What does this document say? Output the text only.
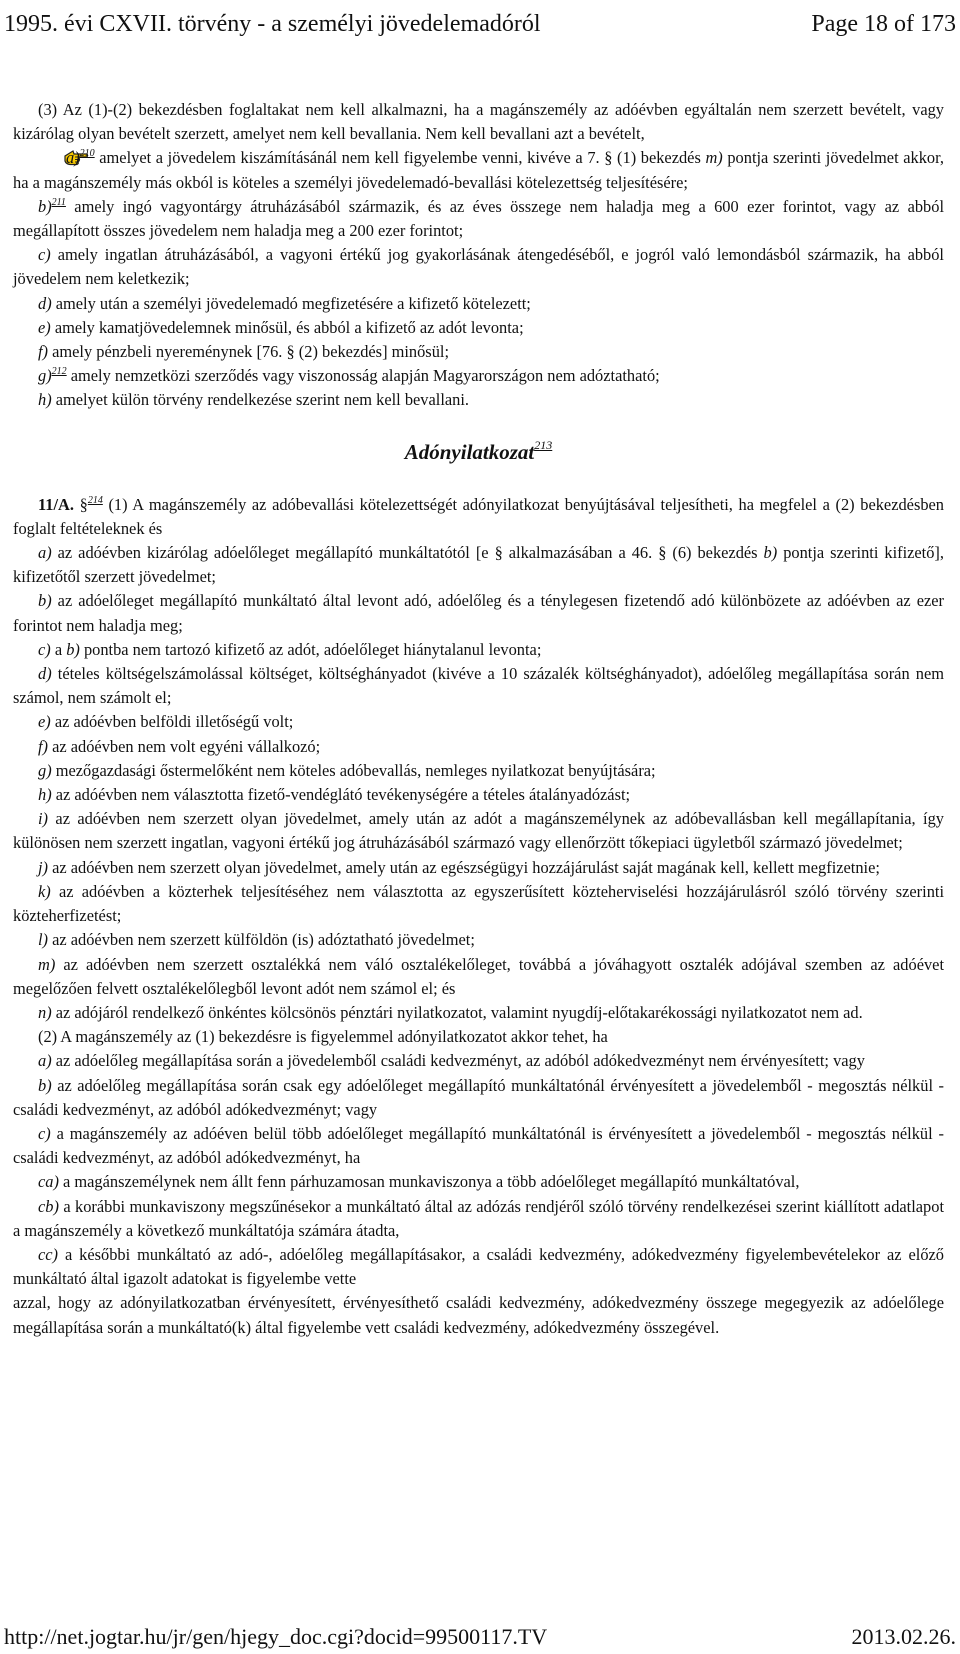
1995. évi CXVII. törvény - a személyi jövedelemadóról	Page 18 of 173

(3) Az (1)-(2) bekezdésben foglaltakat nem kell alkalmazni, ha a magánszemély az adóévben egyáltalán nem szerzett bevételt, vagy kizárólag olyan bevételt szerzett, amelyet nem kell bevallania. Nem kell bevallani azt a bevételt,

a)$^{210}$ amelyet a jövedelem kiszámításánál nem kell figyelembe venni, kivéve a 7. § (1) bekezdés m) pontja szerinti jövedelmet akkor, ha a magánszemély más okból is köteles a személyi jövedelemadó-bevallási kötelezettség teljesítésére;

b)$^{211}$ amely ingó vagyontárgy átruházásából származik, és az éves összege nem haladja meg a 600 ezer forintot, vagy az abból megállapított összes jövedelem nem haladja meg a 200 ezer forintot;

c) amely ingatlan átruházásából, a vagyoni értékű jog gyakorlásának átengedéséből, e jogról való lemondásból származik, ha abból jövedelem nem keletkezik;

d) amely után a személyi jövedelemadó megfizetésére a kifizető kötelezett;

e) amely kamatjövedelemnek minősül, és abból a kifizető az adót levonta;

f) amely pénzbeli nyereménynek [76. § (2) bekezdés] minősül;

g)$^{212}$ amely nemzetközi szerződés vagy viszonosság alapján Magyarországon nem adóztatható;

h) amelyet külön törvény rendelkezése szerint nem kell bevallani.

Adónyilatkozat$^{213}$

11/A. §$^{214}$ (1) A magánszemély az adóbevallási kötelezettségét adónyilatkozat benyújtásával teljesítheti, ha megfelel a (2) bekezdésben foglalt feltételeknek és

a) az adóévben kizárólag adóelőleget megállapító munkáltatótól [e § alkalmazásában a 46. § (6) bekezdés b) pontja szerinti kifizető], kifizetőtől szerzett jövedelmet;

b) az adóelőleget megállapító munkáltató által levont adó, adóelőleg és a ténylegesen fizetendő adó különbözete az adóévben az ezer forintot nem haladja meg;

c) a b) pontba nem tartozó kifizető az adót, adóelőleget hiánytalanul levonta;

d) tételes költségelszámolással költséget, költséghányadot (kivéve a 10 százalék költséghányadot), adóelőleg megállapítása során nem számol, nem számolt el;

e) az adóévben belföldi illetőségű volt;

f) az adóévben nem volt egyéni vállalkozó;

g) mezőgazdasági őstermelőként nem köteles adóbevallás, nemleges nyilatkozat benyújtására;

h) az adóévben nem választotta fizető-vendéglátó tevékenységére a tételes átalányadózást;

i) az adóévben nem szerzett olyan jövedelmet, amely után az adót a magánszemélynek az adóbevallásban kell megállapítania, így különösen nem szerzett ingatlan, vagyoni értékű jog átruházásából származó vagy ellenőrzött tőkepiaci ügyletből származó jövedelmet;

j) az adóévben nem szerzett olyan jövedelmet, amely után az egészségügyi hozzájárulást saját magának kell, kellett megfizetnie;

k) az adóévben a közterhek teljesítéséhez nem választotta az egyszerűsített közteherviselési hozzájárulásról szóló törvény szerinti közteherfizetést;

l) az adóévben nem szerzett külföldön (is) adóztatható jövedelmet;

m) az adóévben nem szerzett osztalékká nem váló osztalékelőleget, továbbá a jóváhagyott osztalék adójával szemben az adóévet megelőzően felvett osztalékelőlegből levont adót nem számol el; és

n) az adójáról rendelkező önkéntes kölcsönös pénztári nyilatkozatot, valamint nyugdíj-előtakarékossági nyilatkozatot nem ad.

(2) A magánszemély az (1) bekezdésre is figyelemmel adónyilatkozatot akkor tehet, ha

a) az adóelőleg megállapítása során a jövedelemből családi kedvezményt, az adóból adókedvezményt nem érvényesített; vagy

b) az adóelőleg megállapítása során csak egy adóelőleget megállapító munkáltatónál érvényesített a jövedelemből - megosztás nélkül - családi kedvezményt, az adóból adókedvezményt; vagy

c) a magánszemély az adóéven belül több adóelőleget megállapító munkáltatónál is érvényesített a jövedelemből - megosztás nélkül - családi kedvezményt, az adóból adókedvezményt, ha

ca) a magánszemélynek nem állt fenn párhuzamosan munkaviszonya a több adóelőleget megállapító munkáltatóval,

cb) a korábbi munkaviszony megszűnésekor a munkáltató által az adózás rendjéről szóló törvény rendelkezései szerint kiállított adatlapot a magánszemély a következő munkáltatója számára átadta,

cc) a későbbi munkáltató az adó-, adóelőleg megállapításakor, a családi kedvezmény, adókedvezmény figyelembevételekor az előző munkáltató által igazolt adatokat is figyelembe vette

azzal, hogy az adónyilatkozatban érvényesített, érvényesíthető családi kedvezmény, adókedvezmény összege megegyezik az adóelőlege megállapítása során a munkáltató(k) által figyelembe vett családi kedvezmény, adókedvezmény összegével.

http://net.jogtar.hu/jr/gen/hjegy_doc.cgi?docid=99500117.TV	2013.02.26.
